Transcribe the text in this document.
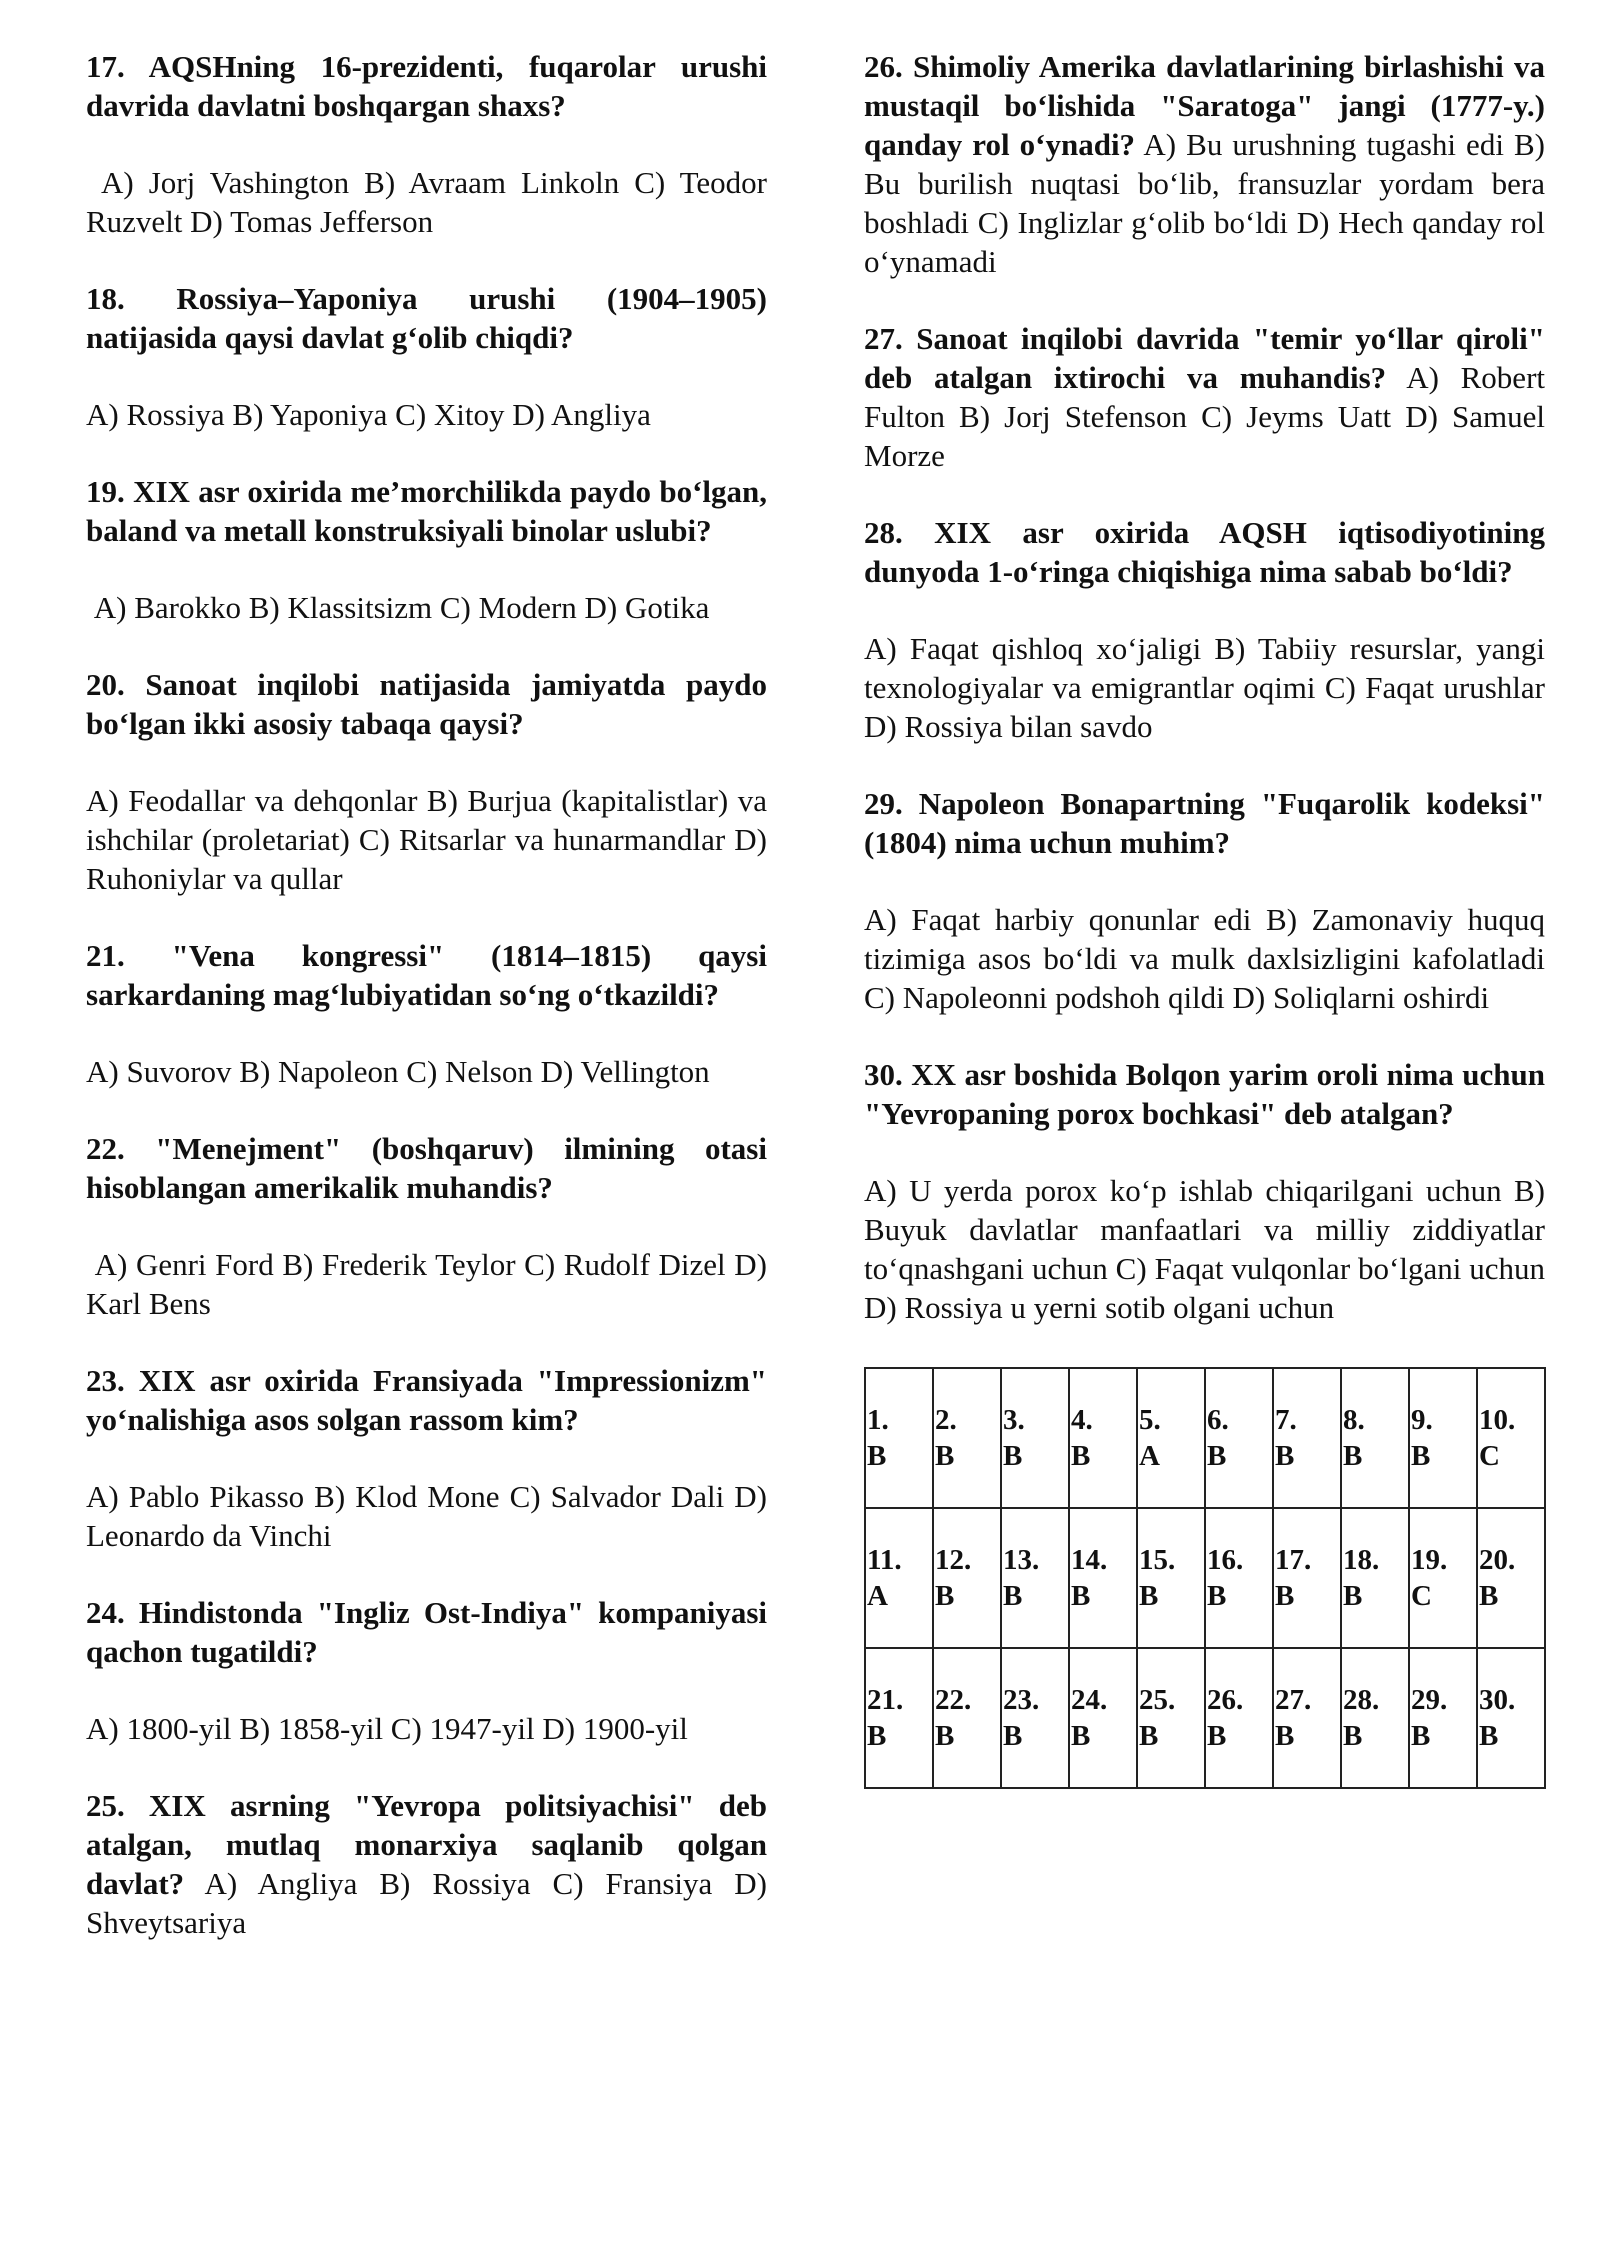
17. AQSHning 16-prezidenti, fuqarolar urushi davrida davlatni boshqargan shaxs?

A) Jorj Vashington B) Avraam Linkoln C) Teodor Ruzvelt D) Tomas Jefferson

18. Rossiya–Yaponiya urushi (1904–1905) natijasida qaysi davlat g‘olib chiqdi?

A) Rossiya B) Yaponiya C) Xitoy D) Angliya

19. XIX asr oxirida me’morchilikda paydo bo‘lgan, baland va metall konstruksiyali binolar uslubi?

A) Barokko B) Klassitsizm C) Modern D) Gotika

20. Sanoat inqilobi natijasida jamiyatda paydo bo‘lgan ikki asosiy tabaqa qaysi?

A) Feodallar va dehqonlar B) Burjua (kapitalistlar) va ishchilar (proletariat) C) Ritsarlar va hunarmandlar D) Ruhoniylar va qullar

21. "Vena kongressi" (1814–1815) qaysi sarkardaning mag‘lubiyatidan so‘ng o‘tkazildi?

A) Suvorov B) Napoleon C) Nelson D) Vellington

22. "Menejment" (boshqaruv) ilmining otasi hisoblangan amerikalik muhandis?

A) Genri Ford B) Frederik Teylor C) Rudolf Dizel D) Karl Bens

23. XIX asr oxirida Fransiyada "Impressionizm" yo‘nalishiga asos solgan rassom kim?

A) Pablo Pikasso B) Klod Mone C) Salvador Dali D) Leonardo da Vinchi

24. Hindistonda "Ingliz Ost-Indiya" kompaniyasi qachon tugatildi?

A) 1800-yil B) 1858-yil C) 1947-yil D) 1900-yil

25. XIX asrning "Yevropa politsiyachisi" deb atalgan, mutlaq monarxiya saqlanib qolgan davlat? A) Angliya B) Rossiya C) Fransiya D) Shveytsariya

26. Shimoliy Amerika davlatlarining birlashishi va mustaqil bo‘lishida "Saratoga" jangi (1777-y.) qanday rol o‘ynadi? A) Bu urushning tugashi edi B) Bu burilish nuqtasi bo‘lib, fransuzlar yordam bera boshladi C) Inglizlar g‘olib bo‘ldi D) Hech qanday rol o‘ynamadi

27. Sanoat inqilobi davrida "temir yo‘llar qiroli" deb atalgan ixtirochi va muhandis? A) Robert Fulton B) Jorj Stefenson C) Jeyms Uatt D) Samuel Morze

28. XIX asr oxirida AQSH iqtisodiyotining dunyoda 1-o‘ringa chiqishiga nima sabab bo‘ldi?

A) Faqat qishloq xo‘jaligi B) Tabiiy resurslar, yangi texnologiyalar va emigrantlar oqimi C) Faqat urushlar D) Rossiya bilan savdo

29. Napoleon Bonapartning "Fuqarolik kodeksi" (1804) nima uchun muhim?

A) Faqat harbiy qonunlar edi B) Zamonaviy huquq tizimiga asos bo‘ldi va mulk daxlsizligini kafolatladi C) Napoleonni podshoh qildi D) Soliqlarni oshirdi

30. XX asr boshida Bolqon yarim oroli nima uchun "Yevropaning porox bochkasi" deb atalgan?

A) U yerda porox ko‘p ishlab chiqarilgani uchun B) Buyuk davlatlar manfaatlari va milliy ziddiyatlar to‘qnashgani uchun C) Faqat vulqonlar bo‘lgani uchun D) Rossiya u yerni sotib olgani uchun

1.
B	2.
B	3.
B	4.
B	5.
A	6.
B	7.
B	8.
B	9.
B	10.
C

11.
A	12.
B	13.
B	14.
B	15.
B	16.
B	17.
B	18.
B	19.
C	20.
B

21.
B	22.
B	23.
B	24.
B	25.
B	26.
B	27.
B	28.
B	29.
B	30.
B
